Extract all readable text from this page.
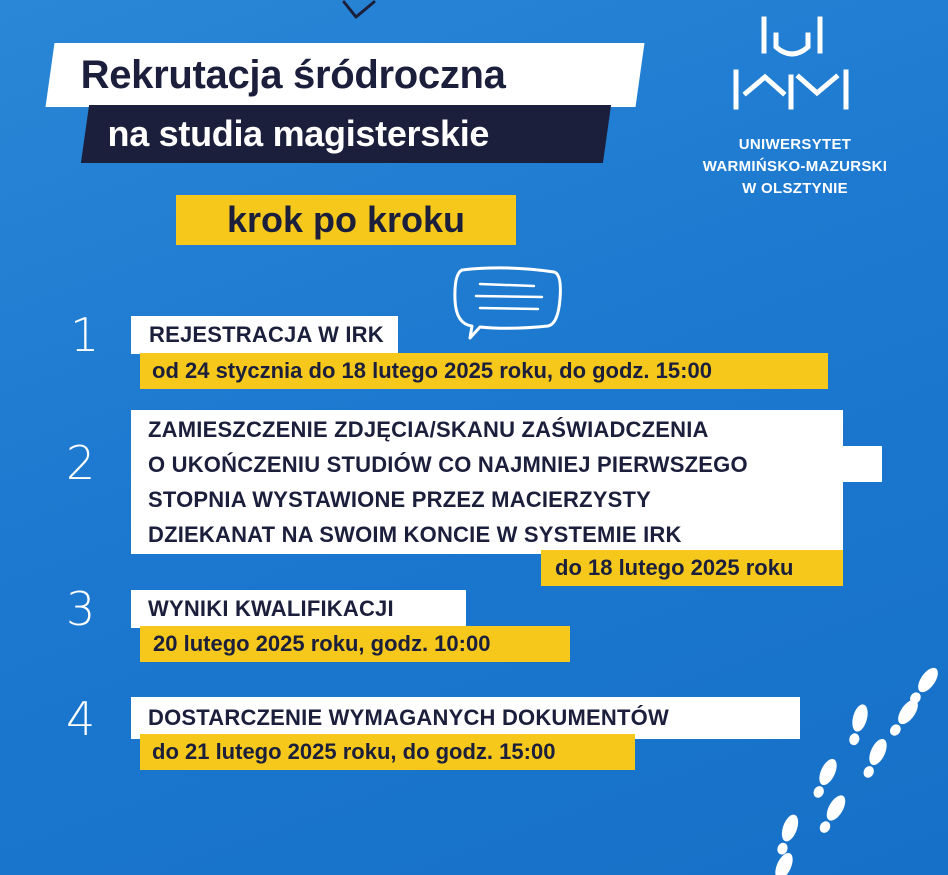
Rekrutacja śródroczna
na studia magisterskie
krok po kroku
UNIWERSYTET
WARMIŃSKO-MAZURSKI
W OLSZTYNIE
1	REJESTRACJA W IRK
od 24 stycznia do 18 lutego 2025 roku, do godz. 15:00
2
ZAMIESZCZENIE ZDJĘCIA/SKANU ZAŚWIADCZENIA
O UKOŃCZENIU STUDIÓW CO NAJMNIEJ PIERWSZEGO
STOPNIA WYSTAWIONE PRZEZ MACIERZYSTY
DZIEKANAT NA SWOIM KONCIE W SYSTEMIE IRK
do 18 lutego 2025 roku
3	WYNIKI KWALIFIKACJI
20 lutego 2025 roku, godz. 10:00
4	DOSTARCZENIE WYMAGANYCH DOKUMENTÓW
do 21 lutego 2025 roku, do godz. 15:00
